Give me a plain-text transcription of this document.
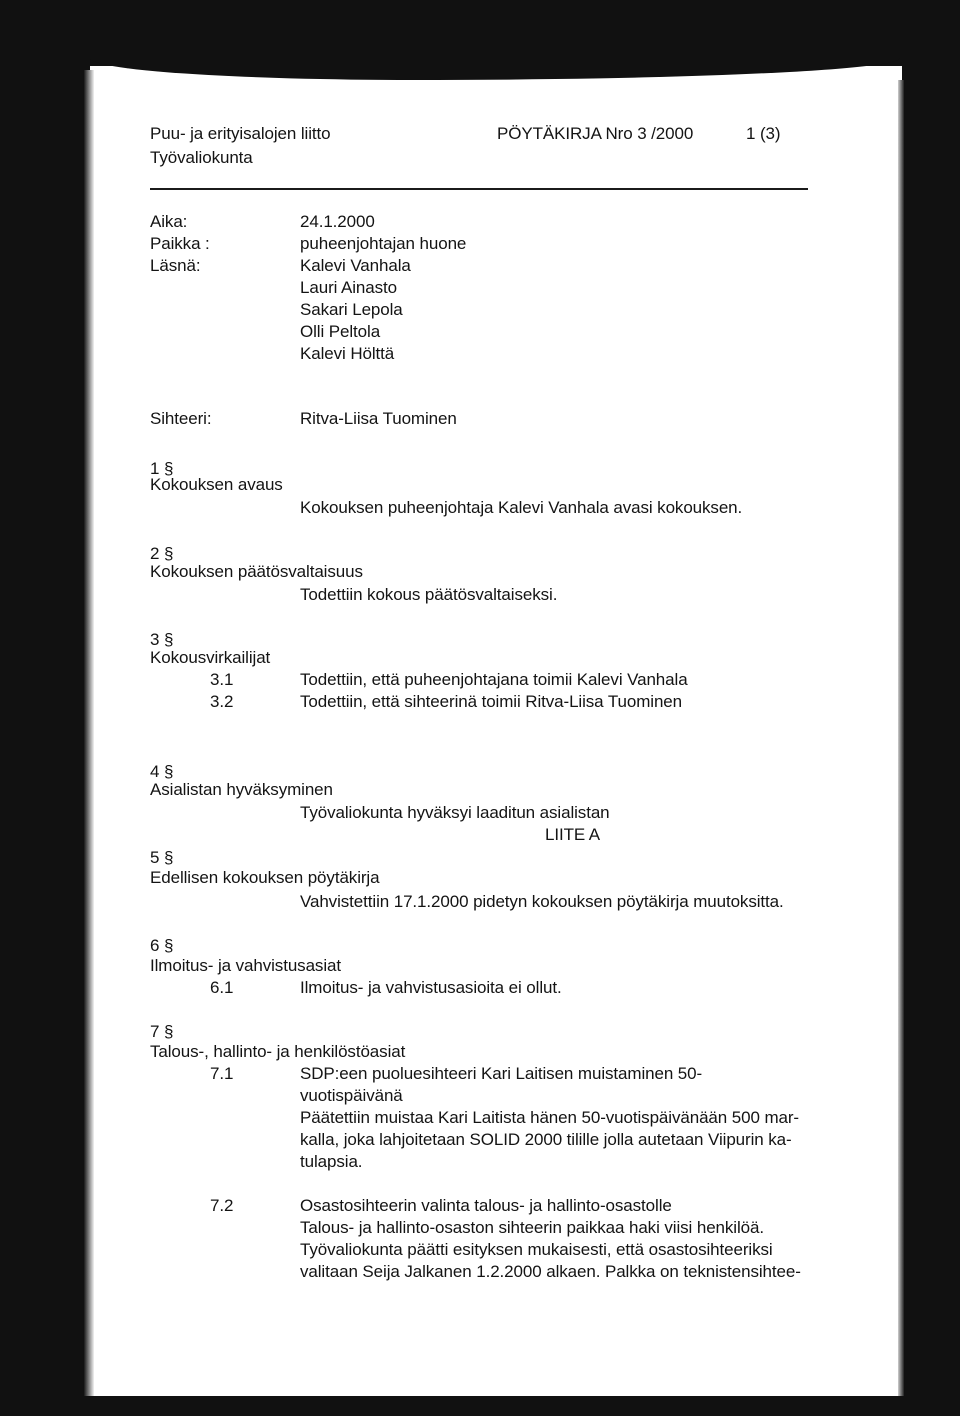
Puu- ja erityisalojen liitto
Työvaliokunta
PÖYTÄKIRJA Nro 3 /2000	1 (3)
Aika:	24.1.2000
Paikka :	puheenjohtajan huone
Läsnä:	Kalevi Vanhala
Lauri Ainasto
Sakari Lepola
Olli Peltola
Kalevi Hölttä
Sihteeri:	Ritva-Liisa Tuominen
1 §
Kokouksen avaus
Kokouksen puheenjohtaja Kalevi Vanhala avasi kokouksen.
2 §
Kokouksen päätösvaltaisuus
Todettiin kokous päätösvaltaiseksi.
3 §
Kokousvirkailijat
3.1	Todettiin, että puheenjohtajana toimii Kalevi Vanhala
3.2	Todettiin, että sihteerinä toimii Ritva-Liisa Tuominen
4 §
Asialistan hyväksyminen
Työvaliokunta hyväksyi laaditun asialistan
LIITE A
5 §
Edellisen kokouksen pöytäkirja
Vahvistettiin 17.1.2000 pidetyn kokouksen pöytäkirja muutoksitta.
6 §
Ilmoitus- ja vahvistusasiat
6.1	Ilmoitus- ja vahvistusasioita ei ollut.
7 §
Talous-, hallinto- ja henkilöstöasiat
7.1	SDP:een puoluesihteeri Kari Laitisen muistaminen 50-
vuotispäivänä
Päätettiin muistaa Kari Laitista hänen 50-vuotispäivänään 500 mar-
kalla, joka lahjoitetaan SOLID 2000 tilille jolla autetaan Viipurin ka-
tulapsia.
7.2	Osastosihteerin valinta talous- ja hallinto-osastolle
Talous- ja hallinto-osaston sihteerin paikkaa haki viisi henkilöä.
Työvaliokunta päätti esityksen mukaisesti, että osastosihteeriksi
valitaan Seija Jalkanen 1.2.2000 alkaen. Palkka on teknistensihtee-
